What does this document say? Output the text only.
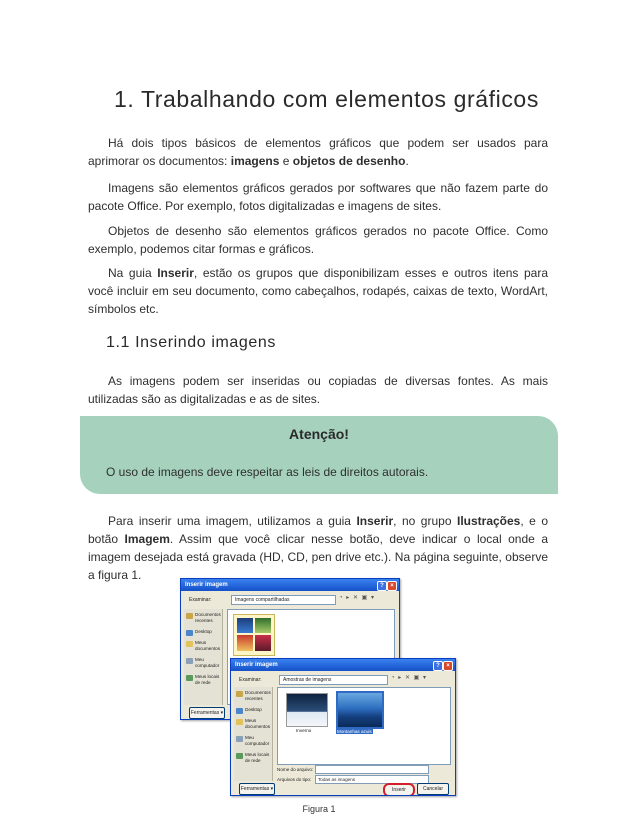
1. Trabalhando com elementos gráficos

Há dois tipos básicos de elementos gráficos que podem ser usados para aprimorar os documentos: imagens e objetos de desenho.

Imagens são elementos gráficos gerados por softwares que não fazem parte do pacote Office. Por exemplo, fotos digitalizadas e imagens de sites.

Objetos de desenho são elementos gráficos gerados no pacote Office. Como exemplo, podemos citar formas e gráficos.

Na guia Inserir, estão os grupos que disponibilizam esses e outros itens para você incluir em seu documento, como cabeçalhos, rodapés, caixas de texto, WordArt, símbolos etc.

1.1 Inserindo imagens

As imagens podem ser inseridas ou copiadas de diversas fontes. As mais utilizadas são as digitalizadas e as de sites.

Atenção!
O uso de imagens deve respeitar as leis de direitos autorais.

Para inserir uma imagem, utilizamos a guia Inserir, no grupo Ilustrações, e o botão Imagem. Assim que você clicar nesse botão, deve indicar o local onde a imagem desejada está gravada (HD, CD, pen drive etc.). Na página seguinte, observe a figura 1.

Inserir imagem	?	×
Examinar:	Imagens compartilhadas	◔ ▸ ✕ ▣ ▾
Documentos recentes
Desktop
Meus documentos
Meu computador
Meus locais de rede
Ferramentas ▾
Inserir imagem	?	×
Examinar:	Amostras de imagens	◔ ▸ ✕ ▣ ▾
Documentos recentes
Desktop
Meus documentos
Meu computador
Meus locais de rede
Inverno	Montanhas azuis
Nome do arquivo:
Arquivos do tipo:	Todas as imagens
Ferramentas ▾	Inserir	Cancelar
Figura 1
